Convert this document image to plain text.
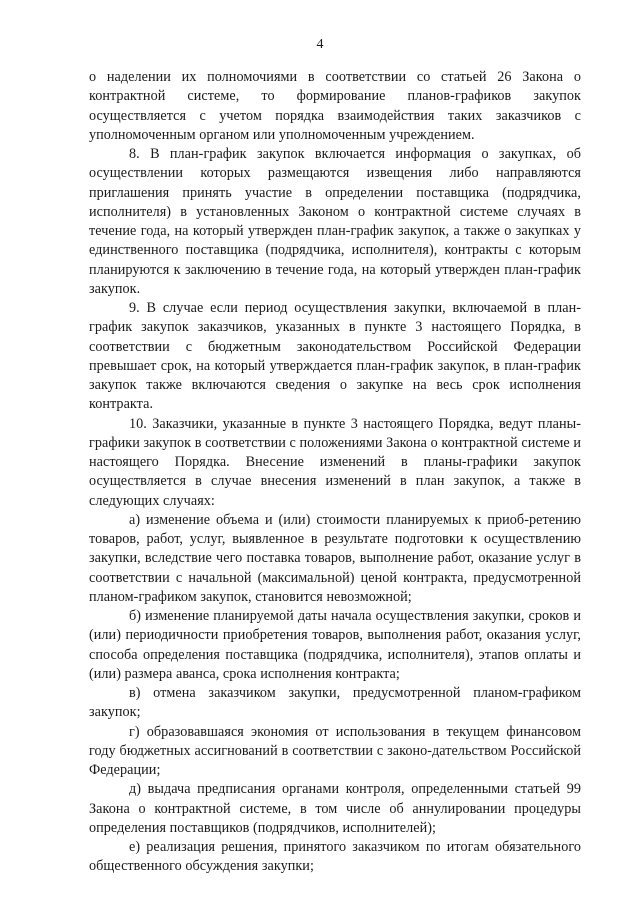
4

о наделении их полномочиями в соответствии со статьей 26 Закона о контрактной системе, то формирование планов-графиков закупок осуществляется с учетом порядка взаимодействия таких заказчиков с уполномоченным органом или уполномоченным учреждением.

8. В план-график закупок включается информация о закупках, об осуществлении которых размещаются извещения либо направляются приглашения принять участие в определении поставщика (подрядчика, исполнителя) в установленных Законом о контрактной системе случаях в течение года, на который утвержден план-график закупок, а также о закупках у единственного поставщика (подрядчика, исполнителя), контракты с которым планируются к заключению в течение года, на который утвержден план-график закупок.

9. В случае если период осуществления закупки, включаемой в план-график закупок заказчиков, указанных в пункте 3 настоящего Порядка, в соответствии с бюджетным законодательством Российской Федерации превышает срок, на который утверждается план-график закупок, в план-график закупок также включаются сведения о закупке на весь срок исполнения контракта.

10. Заказчики, указанные в пункте 3 настоящего Порядка, ведут планы-графики закупок в соответствии с положениями Закона о контрактной системе и настоящего Порядка. Внесение изменений в планы-графики закупок осуществляется в случае внесения изменений в план закупок, а также в следующих случаях:

а) изменение объема и (или) стоимости планируемых к приоб-ретению товаров, работ, услуг, выявленное в результате подготовки к осуществлению закупки, вследствие чего поставка товаров, выполнение работ, оказание услуг в соответствии с начальной (максимальной) ценой контракта, предусмотренной планом-графиком закупок, становится невозможной;

б) изменение планируемой даты начала осуществления закупки, сроков и (или) периодичности приобретения товаров, выполнения работ, оказания услуг, способа определения поставщика (подрядчика, исполнителя), этапов оплаты и (или) размера аванса, срока исполнения контракта;

в) отмена заказчиком закупки, предусмотренной планом-графиком закупок;

г) образовавшаяся экономия от использования в текущем финансовом году бюджетных ассигнований в соответствии с законо-дательством Российской Федерации;

д) выдача предписания органами контроля, определенными статьей 99 Закона о контрактной системе, в том числе об аннулировании процедуры определения поставщиков (подрядчиков, исполнителей);

е) реализация решения, принятого заказчиком по итогам обязательного общественного обсуждения закупки;
